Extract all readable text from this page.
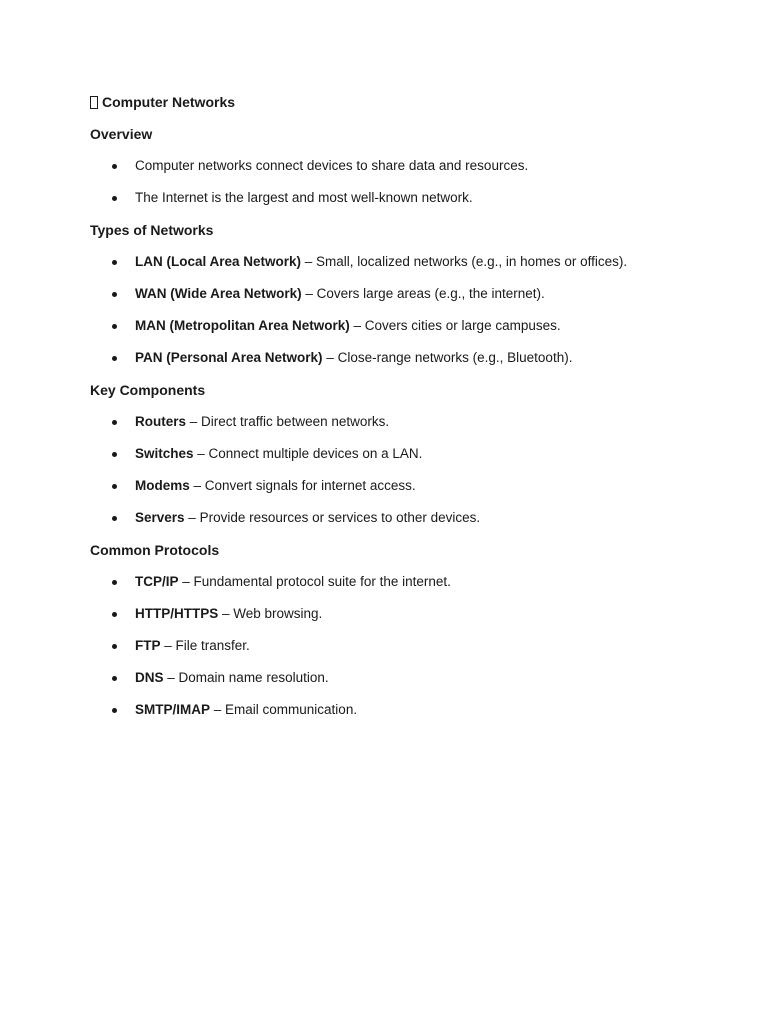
Computer Networks
Overview
Computer networks connect devices to share data and resources.
The Internet is the largest and most well-known network.
Types of Networks
LAN (Local Area Network) – Small, localized networks (e.g., in homes or offices).
WAN (Wide Area Network) – Covers large areas (e.g., the internet).
MAN (Metropolitan Area Network) – Covers cities or large campuses.
PAN (Personal Area Network) – Close-range networks (e.g., Bluetooth).
Key Components
Routers – Direct traffic between networks.
Switches – Connect multiple devices on a LAN.
Modems – Convert signals for internet access.
Servers – Provide resources or services to other devices.
Common Protocols
TCP/IP – Fundamental protocol suite for the internet.
HTTP/HTTPS – Web browsing.
FTP – File transfer.
DNS – Domain name resolution.
SMTP/IMAP – Email communication.
